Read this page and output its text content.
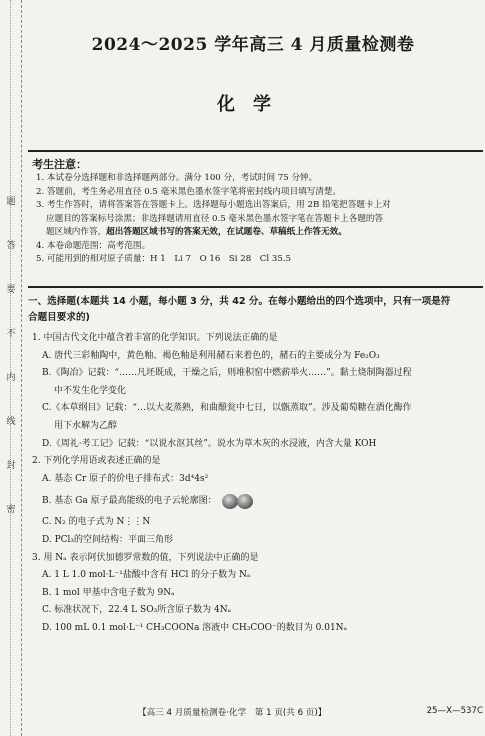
题 答 要 不 内 线 封 密
2024～2025 学年高三 4 月质量检测卷
化学
考生注意：
1. 本试卷分选择题和非选择题两部分。满分 100 分，考试时间 75 分钟。
2. 答题前，考生务必用直径 0.5 毫米黑色墨水签字笔将密封线内项目填写清楚。
3. 考生作答时，请将答案答在答题卡上。选择题每小题选出答案后，用 2B 铅笔把答题卡上对
应题目的答案标号涂黑；非选择题请用直径 0.5 毫米黑色墨水签字笔在答题卡上各题的答
题区域内作答，超出答题区域书写的答案无效，在试题卷、草稿纸上作答无效。
4. 本卷命题范围：高考范围。
5. 可能用到的相对原子质量：H 1　Li 7　O 16　Si 28　Cl 35.5
一、选择题(本题共 14 小题，每小题 3 分，共 42 分。在每小题给出的四个选项中，只有一项是符
合题目要求的)
1. 中国古代文化中蕴含着丰富的化学知识。下列说法正确的是
A. 唐代三彩釉陶中，黄色釉、褐色釉是利用赭石来着色的，赭石的主要成分为 Fe₂O₃
B.《陶冶》记载：“……凡坯既成，干燥之后，则堆积窑中燃薪举火……”。黏土烧制陶器过程
中不发生化学变化
C.《本草纲目》记载：“…以大麦蒸熟，和曲酿瓮中七日，以甑蒸取”。涉及葡萄糖在酒化酶作
用下水解为乙醇
D.《周礼·考工记》记载：“以说水沤其丝”。说水为草木灰的水浸液，内含大量 KOH
2. 下列化学用语或表述正确的是
A. 基态 Cr 原子的价电子排布式：3d⁴4s²
B. 基态 Ga 原子最高能级的电子云轮廓图：
C. N₂ 的电子式为 N⋮⋮N
D. PCl₃的空间结构：平面三角形
3. 用 Nₐ 表示阿伏加德罗常数的值，下列说法中正确的是
A. 1 L 1.0 mol·L⁻¹盐酸中含有 HCl 的分子数为 Nₐ
B. 1 mol 甲基中含电子数为 9Nₐ
C. 标准状况下，22.4 L SO₃所含原子数为 4Nₐ
D. 100 mL 0.1 mol·L⁻¹ CH₃COONa 溶液中 CH₃COO⁻的数目为 0.01Nₐ
【高三 4 月质量检测卷·化学　第 1 页(共 6 页)】	25—X—537C
